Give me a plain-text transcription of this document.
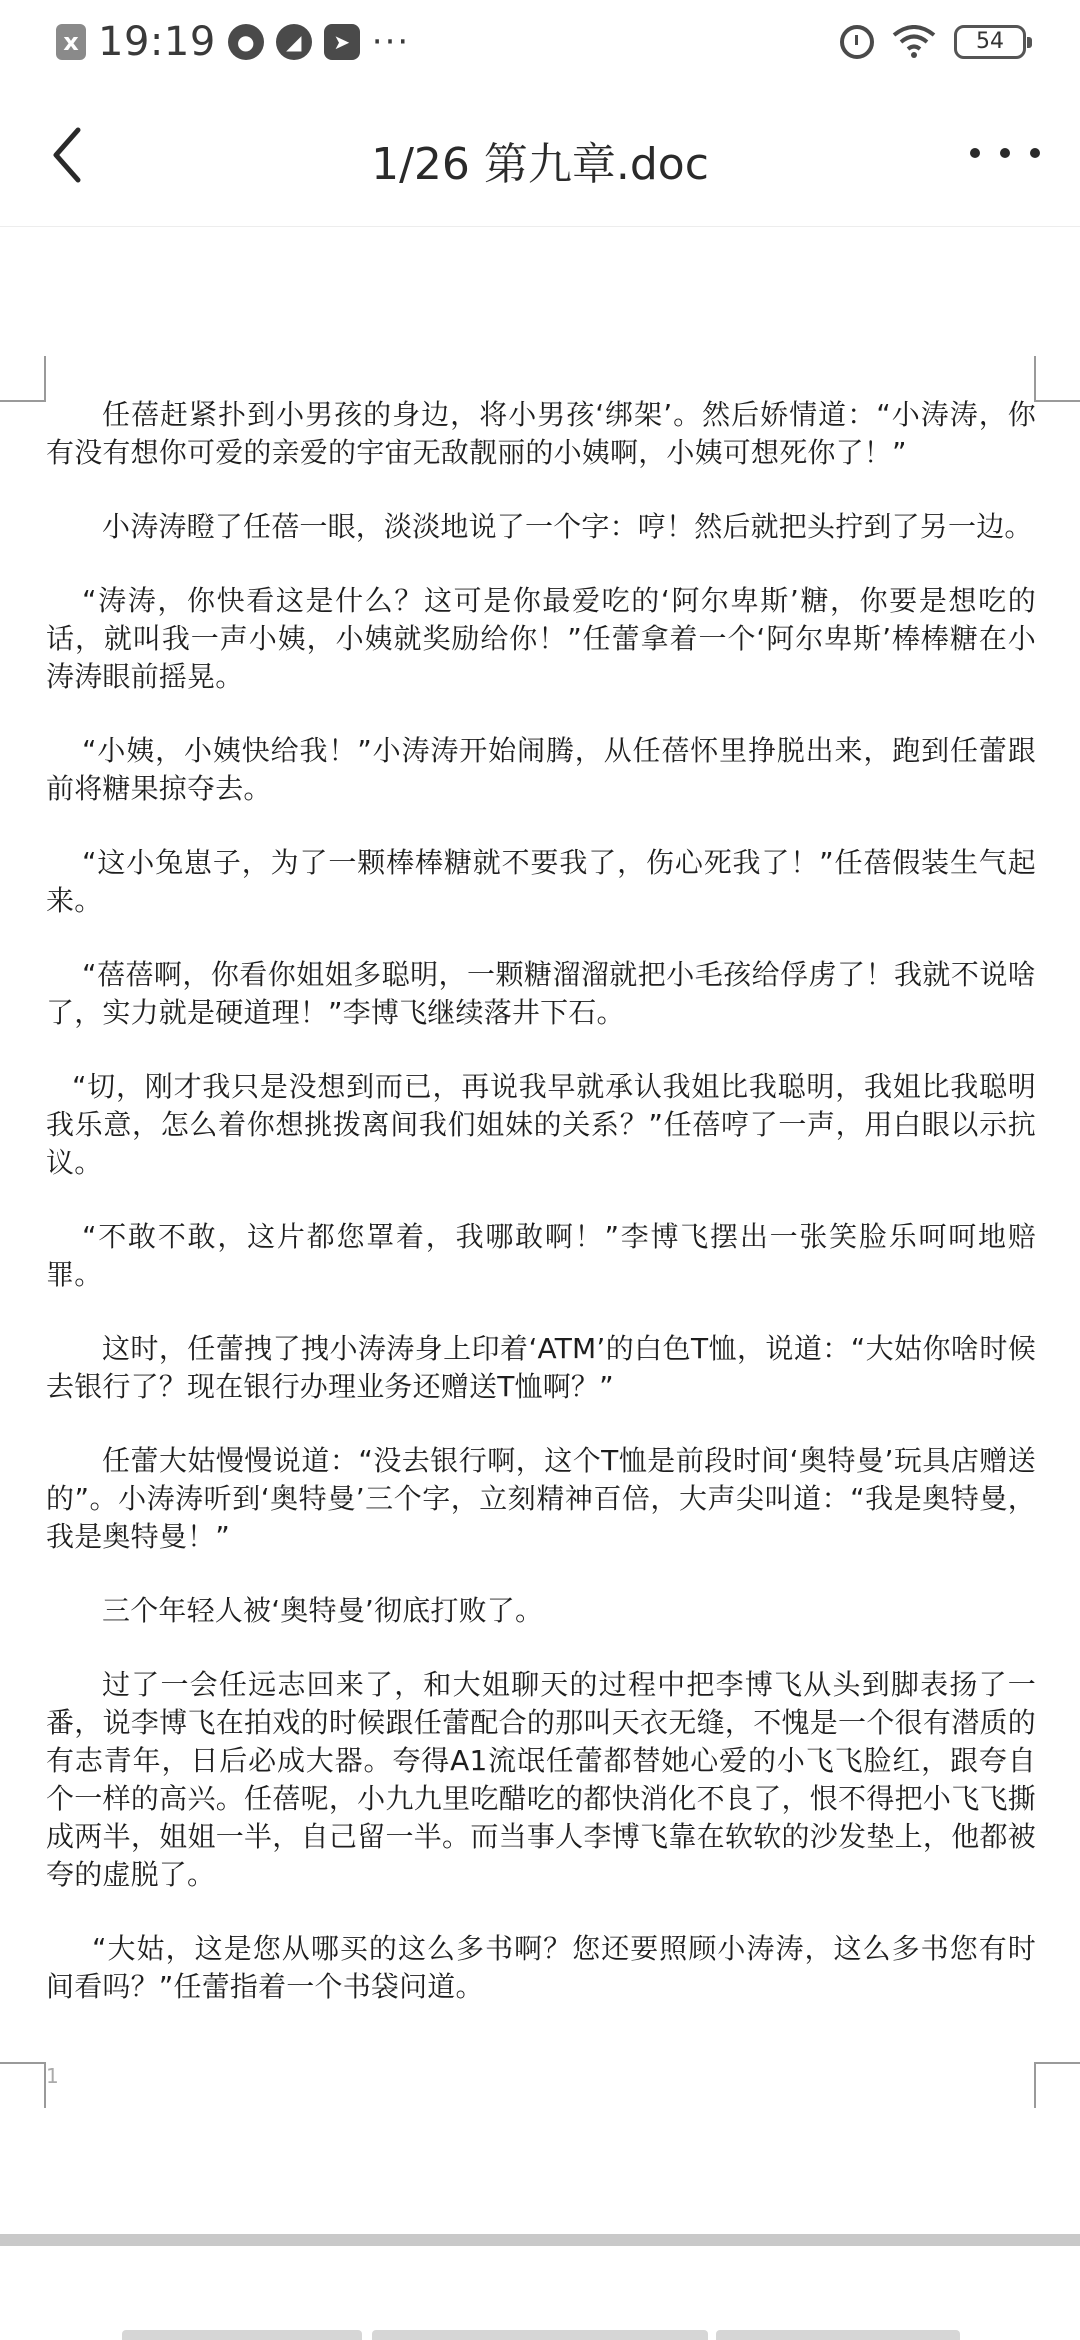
x 19:19	●	◢	➤ ···	54
1/26 第九章.doc

任蓓赶紧扑到小男孩的身边，将小男孩‘绑架’。然后娇情道：“小涛涛，你有没有想你可爱的亲爱的宇宙无敌靓丽的小姨啊，小姨可想死你了！”

小涛涛瞪了任蓓一眼，淡淡地说了一个字：哼！然后就把头拧到了另一边。

“涛涛，你快看这是什么？这可是你最爱吃的‘阿尔卑斯’糖，你要是想吃的话，就叫我一声小姨，小姨就奖励给你！”任蕾拿着一个‘阿尔卑斯’棒棒糖在小涛涛眼前摇晃。

“小姨，小姨快给我！”小涛涛开始闹腾，从任蓓怀里挣脱出来，跑到任蕾跟前将糖果掠夺去。

“这小兔崽子，为了一颗棒棒糖就不要我了，伤心死我了！”任蓓假装生气起来。

“蓓蓓啊，你看你姐姐多聪明，一颗糖溜溜就把小毛孩给俘虏了！我就不说啥了，实力就是硬道理！”李博飞继续落井下石。

“切，刚才我只是没想到而已，再说我早就承认我姐比我聪明，我姐比我聪明我乐意，怎么着你想挑拨离间我们姐妹的关系？”任蓓哼了一声，用白眼以示抗议。

“不敢不敢，这片都您罩着，我哪敢啊！”李博飞摆出一张笑脸乐呵呵地赔罪。

这时，任蕾拽了拽小涛涛身上印着‘ATM’的白色T恤，说道：“大姑你啥时候去银行了？现在银行办理业务还赠送T恤啊？”

任蕾大姑慢慢说道：“没去银行啊，这个T恤是前段时间‘奥特曼’玩具店赠送的”。小涛涛听到‘奥特曼’三个字，立刻精神百倍，大声尖叫道：“我是奥特曼，我是奥特曼！”

三个年轻人被‘奥特曼’彻底打败了。

过了一会任远志回来了，和大姐聊天的过程中把李博飞从头到脚表扬了一番，说李博飞在拍戏的时候跟任蕾配合的那叫天衣无缝，不愧是一个很有潜质的有志青年，日后必成大器。夸得A1流氓任蕾都替她心爱的小飞飞脸红，跟夸自个一样的高兴。任蓓呢，小九九里吃醋吃的都快消化不良了，恨不得把小飞飞撕成两半，姐姐一半，自己留一半。而当事人李博飞靠在软软的沙发垫上，他都被夸的虚脱了。

“大姑，这是您从哪买的这么多书啊？您还要照顾小涛涛，这么多书您有时间看吗？”任蕾指着一个书袋问道。

1
